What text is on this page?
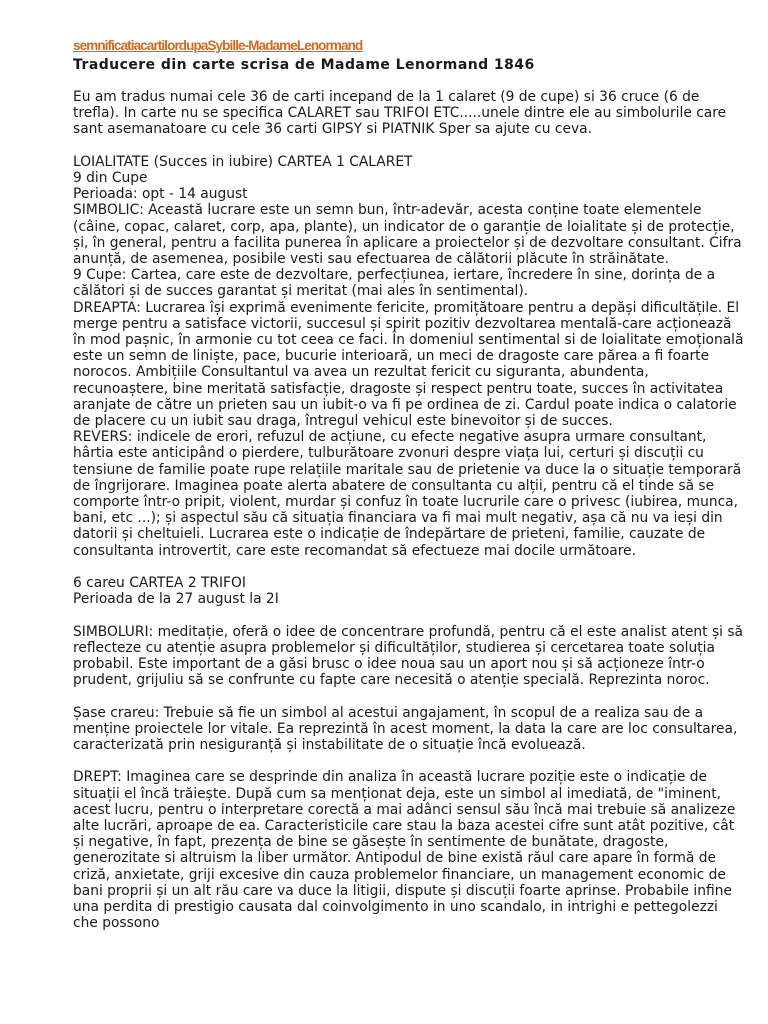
semnificatiacartilordupaSybille-MadameLenormand
Traducere din carte scrisa de Madame Lenormand 1846

Eu am tradus numai cele 36 de carti incepand de la 1 calaret (9 de cupe) si 36 cruce (6 de trefla). In carte nu se specifica CALARET sau TRIFOI ETC.....unele dintre ele au simbolurile care sant asemanatoare cu cele 36 carti GIPSY si PIATNIK Sper sa ajute cu ceva.

LOIALITATE (Succes in iubire) CARTEA 1 CALARET

9 din Cupe

Perioada: opt - 14 august

SIMBOLIC: Această lucrare este un semn bun, într-adevăr, acesta conține toate elementele (câine, copac, calaret, corp, apa, plante), un indicator de o garanție de loialitate și de protecție, și, în general, pentru a facilita punerea în aplicare a proiectelor și de dezvoltare consultant. Cifra anunță, de asemenea, posibile vesti sau efectuarea de călătorii plăcute în străinătate.

9 Cupe: Cartea, care este de dezvoltare, perfecțiunea, iertare, încredere în sine, dorința de a călători și de succes garantat și meritat (mai ales în sentimental).

DREAPTA: Lucrarea își exprimă evenimente fericite, promițătoare pentru a depăși dificultățile. El merge pentru a satisface victorii, succesul și spirit pozitiv dezvoltarea mentală-care acționează în mod pașnic, în armonie cu tot ceea ce faci. În domeniul sentimental si de loialitate emoțională este un semn de liniște, pace, bucurie interioară, un meci de dragoste care părea a fi foarte norocos. Ambițiile Consultantul va avea un rezultat fericit cu siguranta, abundenta, recunoaștere, bine meritată satisfacție, dragoste și respect pentru toate, succes în activitatea aranjate de către un prieten sau un iubit-o va fi pe ordinea de zi. Cardul poate indica o calatorie de placere cu un iubit sau draga, întregul vehicul este binevoitor și de succes.

REVERS: indicele de erori, refuzul de acțiune, cu efecte negative asupra urmare consultant, hârtia este anticipând o pierdere, tulburătoare zvonuri despre viața lui, certuri și discuții cu tensiune de familie poate rupe relațiile maritale sau de prietenie va duce la o situație temporară de îngrijorare. Imaginea poate alerta abatere de consultanta cu alții, pentru că el tinde să se comporte într-o pripit, violent, murdar și confuz în toate lucrurile care o privesc (iubirea, munca, bani, etc ...); și aspectul său că situația financiara va fi mai mult negativ, așa că nu va ieși din datorii și cheltuieli. Lucrarea este o indicație de îndepărtare de prieteni, familie, cauzate de consultanta introvertit, care este recomandat să efectueze mai docile următoare.

6 careu CARTEA 2 TRIFOI

Perioada de la 27 august la 2I

SIMBOLURI: meditație, oferă o idee de concentrare profundă, pentru că el este analist atent și să reflecteze cu atenție asupra problemelor și dificultăților, studierea și cercetarea toate soluția probabil. Este important de a găsi brusc o idee noua sau un aport nou și să acționeze într-o prudent, grijuliu să se confrunte cu fapte care necesită o atenție specială. Reprezinta noroc.

Șase crareu: Trebuie să fie un simbol al acestui angajament, în scopul de a realiza sau de a menține proiectele lor vitale. Ea reprezintă în acest moment, la data la care are loc consultarea, caracterizată prin nesiguranță și instabilitate de o situație încă evoluează.

DREPT: Imaginea care se desprinde din analiza în această lucrare poziție este o indicație de situații el încă trăiește. După cum sa menționat deja, este un simbol al imediată, de "iminent, acest lucru, pentru o interpretare corectă a mai adânci sensul său încă mai trebuie să analizeze alte lucrări, aproape de ea. Caracteristicile care stau la baza acestei cifre sunt atât pozitive, cât și negative, în fapt, prezența de bine se găsește în sentimente de bunătate, dragoste, generozitate si altruism la liber următor. Antipodul de bine există răul care apare în formă de criză, anxietate, griji excesive din cauza problemelor financiare, un management economic de bani proprii și un alt rău care va duce la litigii, dispute și discuții foarte aprinse. Probabile infine una perdita di prestigio causata dal coinvolgimento in uno scandalo, in intrighi e pettegolezzi che possono
